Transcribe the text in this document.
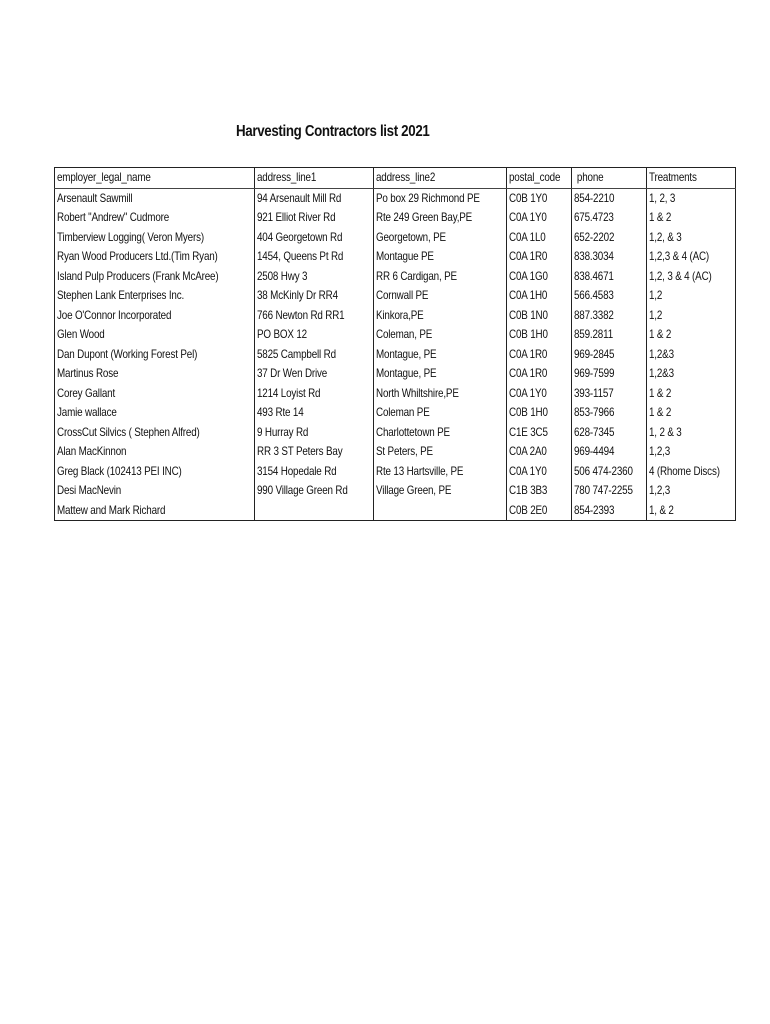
Harvesting Contractors list 2021
employer_legal_name	address_line1	address_line2	postal_code	phone	Treatments
Arsenault Sawmill	94 Arsenault Mill Rd	Po box 29 Richmond PE	C0B 1Y0	854-2210	1, 2, 3
Robert "Andrew" Cudmore	921 Elliot River Rd	Rte 249 Green Bay,PE	C0A 1Y0	675.4723	1 & 2
Timberview Logging( Veron Myers)	404 Georgetown Rd	Georgetown, PE	C0A 1L0	652-2202	1,2, & 3
Ryan Wood Producers Ltd.(Tim Ryan)	1454, Queens Pt Rd	Montague PE	C0A 1R0	838.3034	1,2,3 & 4 (AC)
Island Pulp Producers (Frank McAree)	2508 Hwy 3	RR 6 Cardigan, PE	C0A 1G0	838.4671	1,2, 3 & 4 (AC)
Stephen Lank Enterprises Inc.	38 McKinly Dr RR4	Cornwall PE	C0A 1H0	566.4583	1,2
Joe O'Connor Incorporated	766 Newton Rd RR1	Kinkora,PE	C0B 1N0	887.3382	1,2
Glen Wood	PO BOX 12	Coleman, PE	C0B 1H0	859.2811	1 & 2
Dan Dupont (Working Forest Pel)	5825 Campbell Rd	Montague, PE	C0A 1R0	969-2845	1,2&3
Martinus Rose	37 Dr Wen Drive	Montague, PE	C0A 1R0	969-7599	1,2&3
Corey Gallant	1214 Loyist Rd	North Whiltshire,PE	C0A 1Y0	393-1157	1 & 2
Jamie wallace	493 Rte 14	Coleman PE	C0B 1H0	853-7966	1 & 2
CrossCut Silvics ( Stephen Alfred)	9 Hurray Rd	Charlottetown PE	C1E 3C5	628-7345	1, 2 & 3
Alan MacKinnon	RR 3 ST Peters Bay	St Peters, PE	C0A 2A0	969-4494	1,2,3
Greg Black (102413 PEI INC)	3154 Hopedale Rd	Rte 13 Hartsville, PE	C0A 1Y0	506 474-2360	4 (Rhome Discs)
Desi MacNevin	990 Village Green Rd	Village Green, PE	C1B 3B3	780 747-2255	1,2,3
Mattew and Mark Richard			C0B 2E0	854-2393	1, & 2
